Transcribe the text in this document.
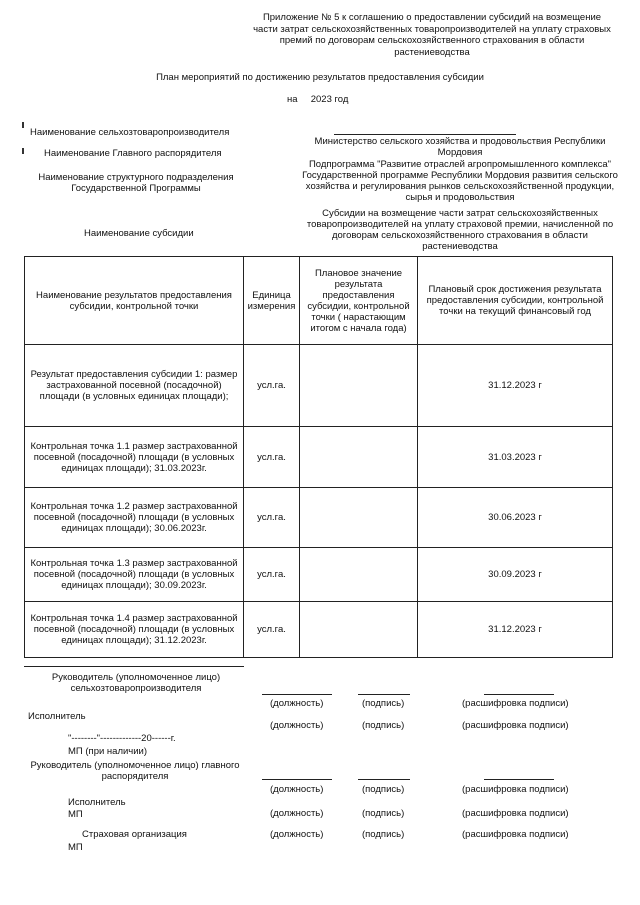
Приложение № 5 к соглашению о предоставлении субсидий на возмещение части затрат сельскохозяйственных товаропроизводителей на уплату страховых премий по договорам сельскохозяйственного страхования в области растениеводства
План мероприятий по достижению результатов предоставления субсидии
на     2023 год
Наименование сельхозтоваропроизводителя
Наименование Главного распорядителя
Министерство сельского хозяйства и продовольствия Республики Мордовия
Наименование структурного подразделения Государственной Программы
Подпрограмма "Развитие отраслей агропромышленного комплекса" Государственной программе Республики Мордовия развития сельского хозяйства и регулирования рынков сельскохозяйственной продукции, сырья и продовольствия
Наименование субсидии
Субсидии на возмещение части затрат сельскохозяйственных товаропроизводителей на уплату страховой премии, начисленной по договорам сельскохозяйственного страхования в области растениеводства
Наименование результатов предоставления субсидии, контрольной точки	Единица измерения	Плановое значение результата предоставления субсидии, контрольной точки ( нарастающим итогом с начала года)	Плановый срок достижения результата предоставления субсидии, контрольной точки на текущий финансовый год
Результат предоставления субсидии 1: размер застрахованной посевной (посадочной) площади (в условных единицах площади);	усл.га.		31.12.2023 г
Контрольная точка 1.1 размер застрахованной посевной (посадочной) площади (в условных единицах площади); 31.03.2023г.	усл.га.		31.03.2023 г
Контрольная точка 1.2 размер застрахованной посевной (посадочной) площади (в условных единицах площади); 30.06.2023г.	усл.га.		30.06.2023 г
Контрольная точка 1.3 размер застрахованной посевной (посадочной) площади (в условных единицах площади); 30.09.2023г.	усл.га.		30.09.2023 г
Контрольная точка 1.4 размер застрахованной посевной (посадочной) площади (в условных единицах площади); 31.12.2023г.	усл.га.		31.12.2023 г
Руководитель (уполномоченное лицо) сельхозтоваропроизводителя
(должность)	(подпись)	(расшифровка подписи)
Исполнитель
(должность)	(подпись)	(расшифровка подписи)
"--------"-------------20------г.
МП (при наличии)
Руководитель (уполномоченное лицо) главного распорядителя
(должность)	(подпись)	(расшифровка подписи)
Исполнитель
МП	(должность)	(подпись)	(расшифровка подписи)
Страховая организация	(должность)	(подпись)	(расшифровка подписи)
МП
